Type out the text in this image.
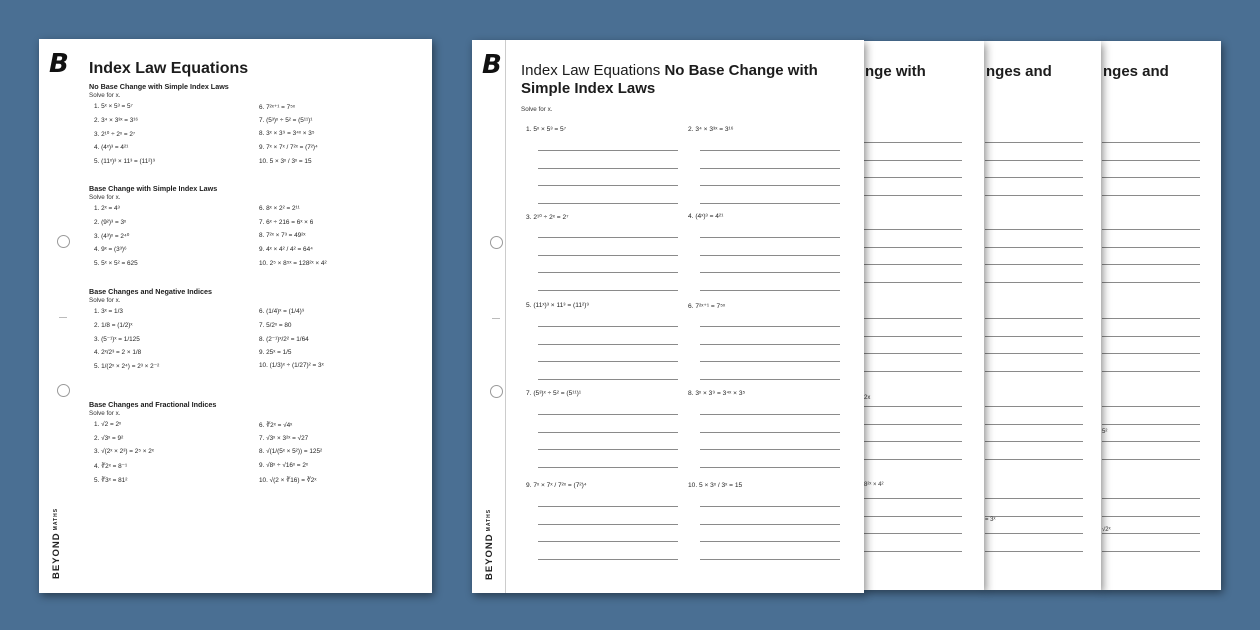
B
BEYONDMATHS
Index Law Equations
No Base Change with Simple Index Laws
Solve for x.
1. 5ˣ × 5³ = 5⁷
2. 3⁴ × 3³ˣ = 3¹⁶
3. 2¹⁰ ÷ 2ˣ = 2⁷
4. (4ˣ)³ = 4²¹
5. (11ˣ)³ × 11³ = (11²)⁹
6. 7²ˣ⁺¹ = 7⁵ˣ
7. (5³)ˣ ÷ 5² = (5¹¹)¹
8. 3ˣ × 3⁹ = 3⁴ˣ × 3⁵
9. 7ˣ × 7ˣ / 7²ˣ = (7²)⁴
10. 5 × 3ˣ / 3ˣ = 15
Base Change with Simple Index Laws
Solve for x.
1. 2ˣ = 4³
2. (9²)³ = 3ˣ
3. (4³)ˣ = 2⁴⁰
4. 9ˣ = (3³)⁶
5. 5ˣ × 5² = 625
6. 8ˣ × 2² = 2¹¹
7. 6ˣ ÷ 216 = 6ˣ × 6
8. 7²ˣ × 7³ = 49²ˣ
9. 4ˣ × 4² / 4² = 64⁴
10. 2⁵ × 8⁵ˣ = 128²ˣ × 4²
Base Changes and Negative Indices
Solve for x.
1. 3ˣ = 1/3
2. 1/8 = (1/2)ˣ
3. (5⁻¹)ˣ = 1/125
4. 2ˣ/2³ = 2 × 1/8
5. 1/(2ˣ × 2⁴) = 2³ × 2⁻²
6. (1/4)ˣ = (1/4)⁹
7. 5/2ˣ = 80
8. (2⁻¹)ˣ/2² = 1/64
9. 25ˣ = 1/5
10. (1/3)ˣ ÷ (1/27)² = 3ˣ
Base Changes and Fractional Indices
Solve for x.
1. √2 = 2ˣ
2. √3ˣ = 9²
3. √(2ˣ × 2³) = 2⁵ × 2ˣ
4. ∛2ˣ = 8⁻¹
5. ∛3ˣ = 81²
6. ∛2ˣ = √4ˣ
7. √3ˣ × 3²ˣ = √27
8. √(1/(5ˣ × 5²)) = 125²
9. √8ˣ ÷ √16ˣ = 2ˣ
10. √(2 × ∛16) = ∛2ˣ
nges and
5²
√2ˣ
nges and
= 3ˣ
nge with
2x
8²ˣ × 4²
B
BEYONDMATHS
Index Law Equations No Base Change with
Simple Index Laws
Solve for x.
1. 5ˣ × 5³ = 5⁷	2. 3⁴ × 3³ˣ = 3¹⁶
3. 2¹⁰ ÷ 2ˣ = 2⁷	4. (4ˣ)³ = 4²¹
5. (11ˣ)³ × 11³ = (11²)⁹	6. 7²ˣ⁺¹ = 7⁵ˣ
7. (5³)ˣ ÷ 5² = (5¹¹)¹	8. 3ˣ × 3⁹ = 3⁴ˣ × 3⁵
9. 7ˣ × 7ˣ / 7²ˣ = (7²)⁴	10. 5 × 3ˣ / 3ˣ = 15
